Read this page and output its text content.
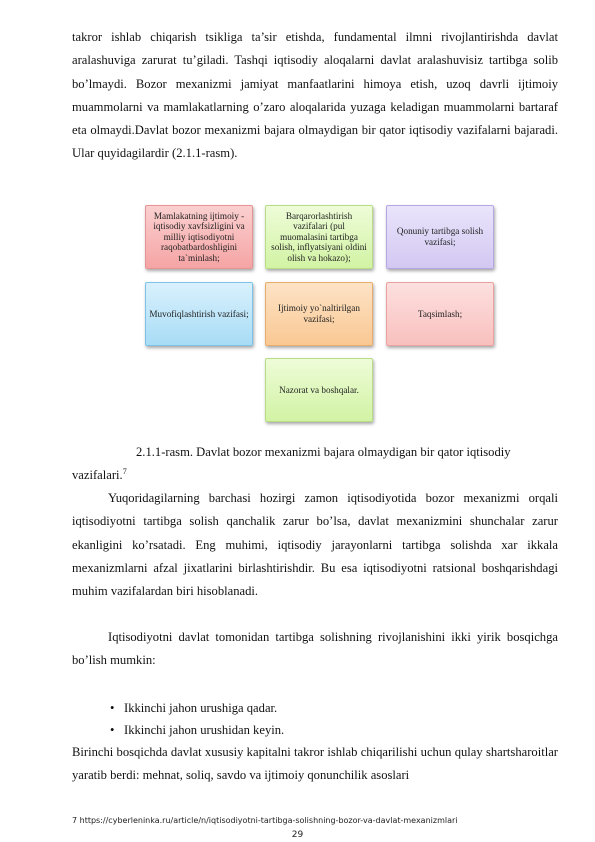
takror ishlab chiqarish tsikliga ta’sir etishda, fundamental ilmni rivojlantirishda davlat aralashuviga zarurat tu’giladi. Tashqi iqtisodiy aloqalarni davlat aralashuvisiz tartibga solib bo’lmaydi. Bozor mexanizmi jamiyat manfaatlarini himoya etish, uzoq davrli ijtimoiy muammolarni va mamlakatlarning o’zaro aloqalarida yuzaga keladigan muammolarni bartaraf eta olmaydi.Davlat bozor mexanizmi bajara olmaydigan bir qator iqtisodiy vazifalarni bajaradi. Ular quyidagilardir (2.1.1-rasm).

Mamlakatning ijtimoiy - iqtisodiy xavfsizligini va milliy iqtisodiyotni raqobatbardoshligini ta`minlash;
Barqarorlashtirish vazifalari (pul muomalasini tartibga solish, inflyatsiyani oldini olish va hokazo);
Qonuniy tartibga solish vazifasi;
Muvofiqlashtirish vazifasi;
Ijtimoiy yo`naltirilgan vazifasi;
Taqsimlash;
Nazorat va boshqalar.

2.1.1-rasm. Davlat bozor mexanizmi bajara olmaydigan bir qator iqtisodiy vazifalari.$^7$

Yuqoridagilarning barchasi hozirgi zamon iqtisodiyotida bozor mexanizmi orqali iqtisodiyotni tartibga solish qanchalik zarur bo’lsa, davlat mexanizmini shunchalar zarur ekanligini ko’rsatadi. Eng muhimi, iqtisodiy jarayonlarni tartibga solishda xar ikkala mexanizmlarni afzal jixatlarini birlashtirishdir. Bu esa iqtisodiyotni ratsional boshqarishdagi muhim vazifalardan biri hisoblanadi.

Iqtisodiyotni davlat tomonidan tartibga solishning rivojlanishini ikki yirik bosqichga bo’lish mumkin:

• Ikkinchi jahon urushiga qadar.
• Ikkinchi jahon urushidan keyin.

Birinchi bosqichda davlat xususiy kapitalni takror ishlab chiqarilishi uchun qulay shartsharoitlar yaratib berdi: mehnat, soliq, savdo va ijtimoiy qonunchilik asoslari

7 https://cyberleninka.ru/article/n/iqtisodiyotni-tartibga-solishning-bozor-va-davlat-mexanizmlari
29
